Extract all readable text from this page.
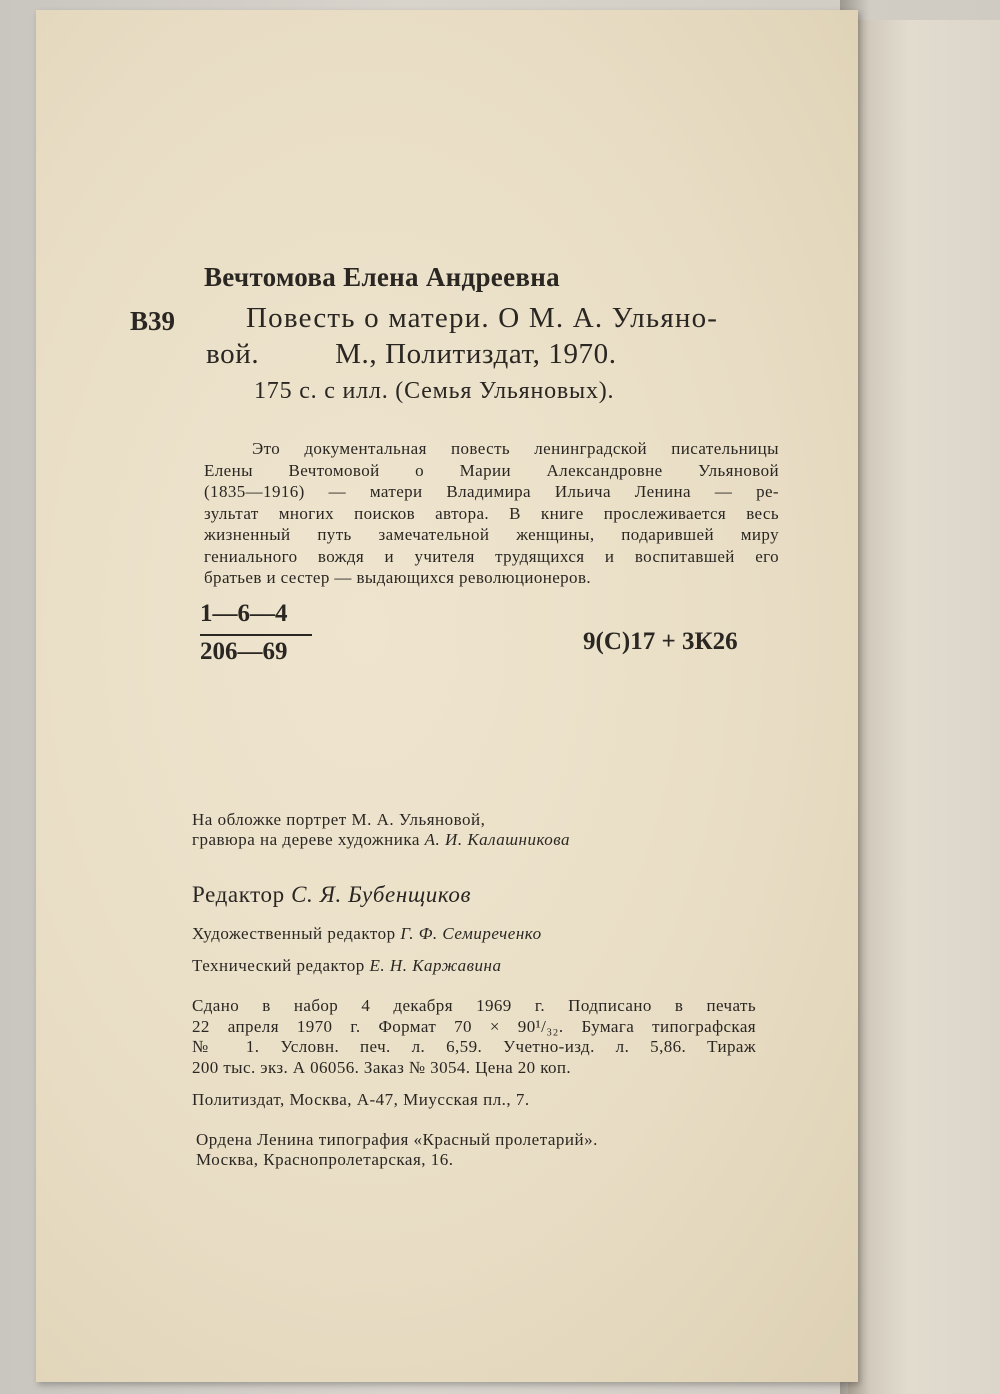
Вечтомова Елена Андреевна

В39 Повесть о матери. О М. А. Ульяно-

вой.	М., Политиздат, 1970.

175 с. с илл. (Семья Ульяновых).

Это документальная повесть ленинградской писательницы
Елены Вечтомовой о Марии Александровне Ульяновой
(1835—1916) — матери Владимира Ильича Ленина — ре-
зультат многих поисков автора. В книге прослеживается весь
жизненный путь замечательной женщины, подарившей миру
гениального вождя и учителя трудящихся и воспитавшей его
братьев и сестер — выдающихся революционеров.

1—6—4

206—69	9(С)17 + 3К26

На обложке портрет М. А. Ульяновой,

гравюра на дереве художника А. И. Калашникова

Редактор С. Я. Бубенщиков

Художественный редактор Г. Ф. Семиреченко

Технический редактор Е. Н. Каржавина

Сдано в набор 4 декабря 1969 г. Подписано в печать
22 апреля 1970 г. Формат 70 × 90¹/₃₂. Бумага типографская
№ 1. Условн. печ. л. 6,59. Учетно-изд. л. 5,86. Тираж
200 тыс. экз. А 06056. Заказ № 3054. Цена 20 коп.

Политиздат, Москва, А-47, Миусская пл., 7.

Ордена Ленина типография «Красный пролетарий».

Москва, Краснопролетарская, 16.
